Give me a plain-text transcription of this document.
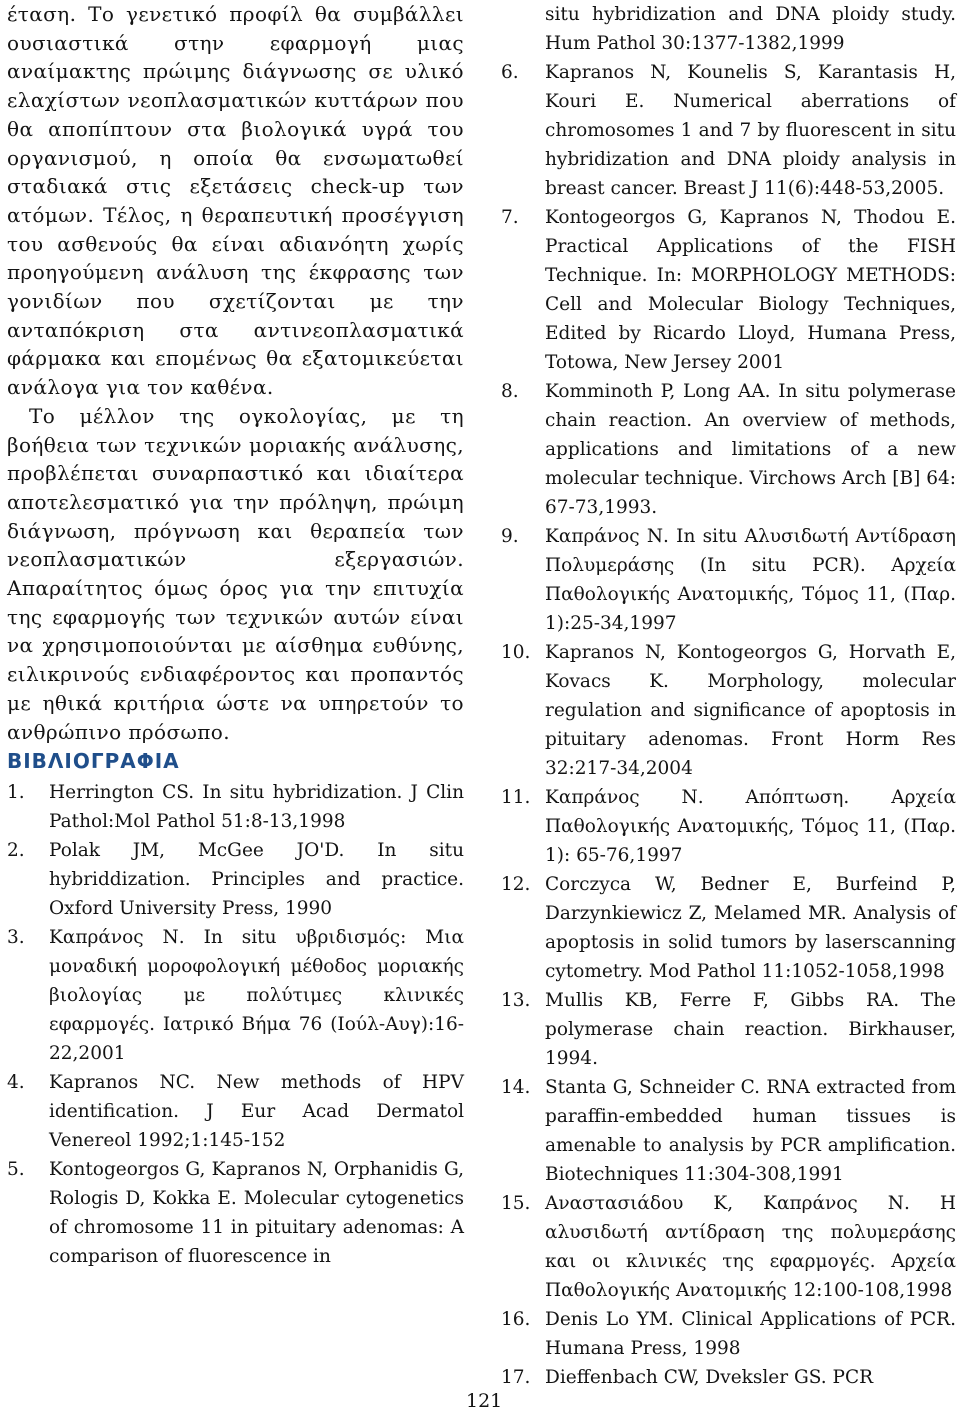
έταση. Το γενετικό προφίλ θα συμβάλλει ουσιαστικά στην εφαρμογή μιας αναίμακτης πρώιμης διάγνωσης σε υλικό ελαχίστων νεοπλασματικών κυττάρων που θα αποπίπτουν στα βιολογικά υγρά του οργανισμού, η οποία θα ενσωματωθεί σταδιακά στις εξετάσεις check-up των ατόμων. Τέλος, η θεραπευτική προσέγγιση του ασθενούς θα είναι αδιανόητη χωρίς προηγούμενη ανάλυση της έκφρασης των γονιδίων που σχετίζονται με την ανταπόκριση στα αντινεοπλασματικά φάρμακα και επομένως θα εξατομικεύεται ανάλογα για τον καθένα.

Το μέλλον της ογκολογίας, με τη βοήθεια των τεχνικών μοριακής ανάλυσης, προβλέπεται συναρπαστικό και ιδιαίτερα αποτελεσματικό για την πρόληψη, πρώιμη διάγνωση, πρόγνωση και θεραπεία των νεοπλασματικών εξεργασιών. Απαραίτητος όμως όρος για την επιτυχία της εφαρμογής των τεχνικών αυτών είναι να χρησιμοποιούνται με αίσθημα ευθύνης, ειλικρινούς ενδιαφέροντος και προπαντός με ηθικά κριτήρια ώστε να υπηρετούν το ανθρώπινο πρόσωπο.

ΒΙΒΛΙΟΓΡΑΦΙΑ
1.	Herrington CS. In situ hybridization. J Clin Pathol:Mol Pathol 51:8-13,1998
2.	Polak JM, McGee JO'D. In situ hybriddization. Principles and practice. Oxford University Press, 1990
3.	Καπράνος Ν. In situ υβριδισμός: Μια μοναδική μοροφολογική μέθοδος μοριακής βιολογίας με πολύτιμες κλινικές εφαρμογές. Ιατρικό Βήμα 76 (Ιούλ-Αυγ):16-22,2001
4.	Kapranos NC. New methods of HPV identification. J Eur Acad Dermatol Venereol 1992;1:145-152
5.	Kontogeorgos G, Kapranos N, Orphanidis G, Rologis D, Kokka E. Molecular cytogenetics of chromosome 11 in pituitary adenomas: A comparison of fluorescence in
situ hybridization and DNA ploidy study. Hum Pathol 30:1377-1382,1999
6.	Kapranos N, Kounelis S, Karantasis H, Kouri E. Numerical aberrations of chromosomes 1 and 7 by fluorescent in situ hybridization and DNA ploidy analysis in breast cancer. Breast J 11(6):448-53,2005.
7.	Kontogeorgos G, Kapranos N, Thodou E. Practical Applications of the FISH Technique. In: MORPHOLOGY METHODS: Cell and Molecular Biology Techniques, Edited by Ricardo Lloyd, Humana Press, Totowa, New Jersey 2001
8.	Komminoth P, Long AA. In situ polymerase chain reaction. An overview of methods, applications and limitations of a new molecular technique. Virchows Arch [B] 64: 67-73,1993.
9.	Καπράνος Ν. In situ Αλυσιδωτή Αντίδραση Πολυμεράσης (In situ PCR). Αρχεία Παθολογικής Ανατομικής, Τόμος 11, (Παρ. 1):25-34,1997
10. Kapranos N, Kontogeorgos G, Horvath E, Kovacs K. Morphology, molecular regulation and significance of apoptosis in pituitary adenomas. Front Horm Res 32:217-34,2004
11. Καπράνος Ν. Απόπτωση. Αρχεία Παθολογικής Ανατομικής, Τόμος 11, (Παρ. 1): 65-76,1997
12. Corczyca W, Bedner E, Burfeind P, Darzynkiewicz Z, Melamed MR. Analysis of apoptosis in solid tumors by laserscanning cytometry. Mod Pathol 11:1052-1058,1998
13. Mullis KB, Ferre F, Gibbs RA. The polymerase chain reaction. Birkhauser, 1994.
14. Stanta G, Schneider C. RNA extracted from paraffin-embedded human tissues is amenable to analysis by PCR amplification. Biotechniques 11:304-308,1991
15. Αναστασιάδου Κ, Καπράνος Ν. Η αλυσιδωτή αντίδραση της πολυμεράσης και οι κλινικές της εφαρμογές. Αρχεία Παθολογικής Ανατομικής 12:100-108,1998
16. Denis Lo YM. Clinical Applications of PCR. Humana Press, 1998
17. Dieffenbach CW, Dveksler GS. PCR
121
